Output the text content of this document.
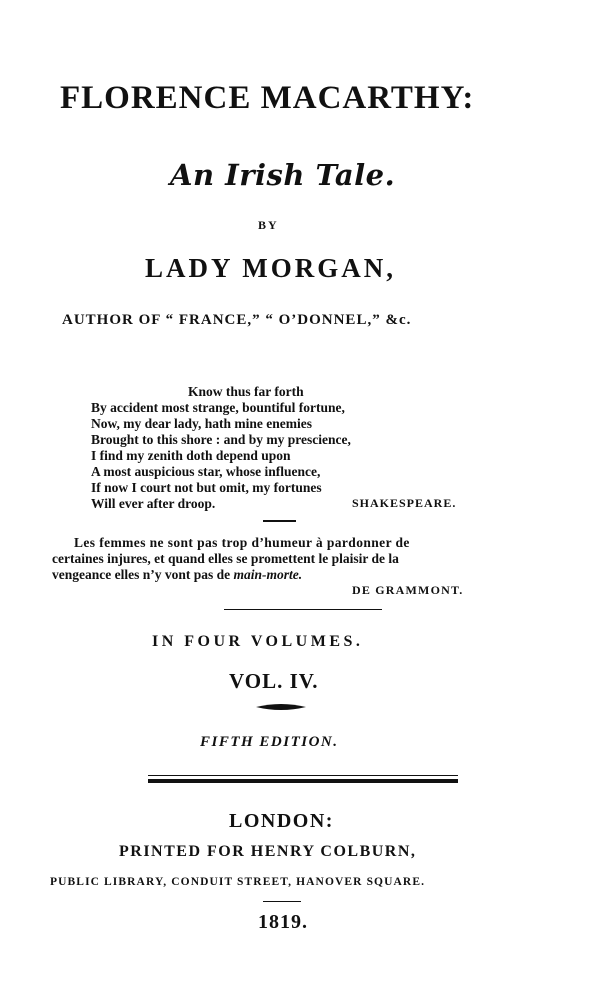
FLORENCE MACARTHY:
An Irish Tale.
BY
LADY MORGAN,
AUTHOR OF “ FRANCE,” “ O’DONNEL,” &c.
Know thus far forth
By accident most strange, bountiful fortune,
Now, my dear lady, hath mine enemies
Brought to this shore : and by my prescience,
I find my zenith doth depend upon
A most auspicious star, whose influence,
If now I court not but omit, my fortunes
Will ever after droop.	SHAKESPEARE.
Les femmes ne sont pas trop d’humeur à pardonner de
certaines injures, et quand elles se promettent le plaisir de la
vengeance elles n’y vont pas de main-morte.
DE GRAMMONT.
IN FOUR VOLUMES.
VOL. IV.
FIFTH EDITION.
LONDON:
PRINTED FOR HENRY COLBURN,
PUBLIC LIBRARY, CONDUIT STREET, HANOVER SQUARE.
1819.
